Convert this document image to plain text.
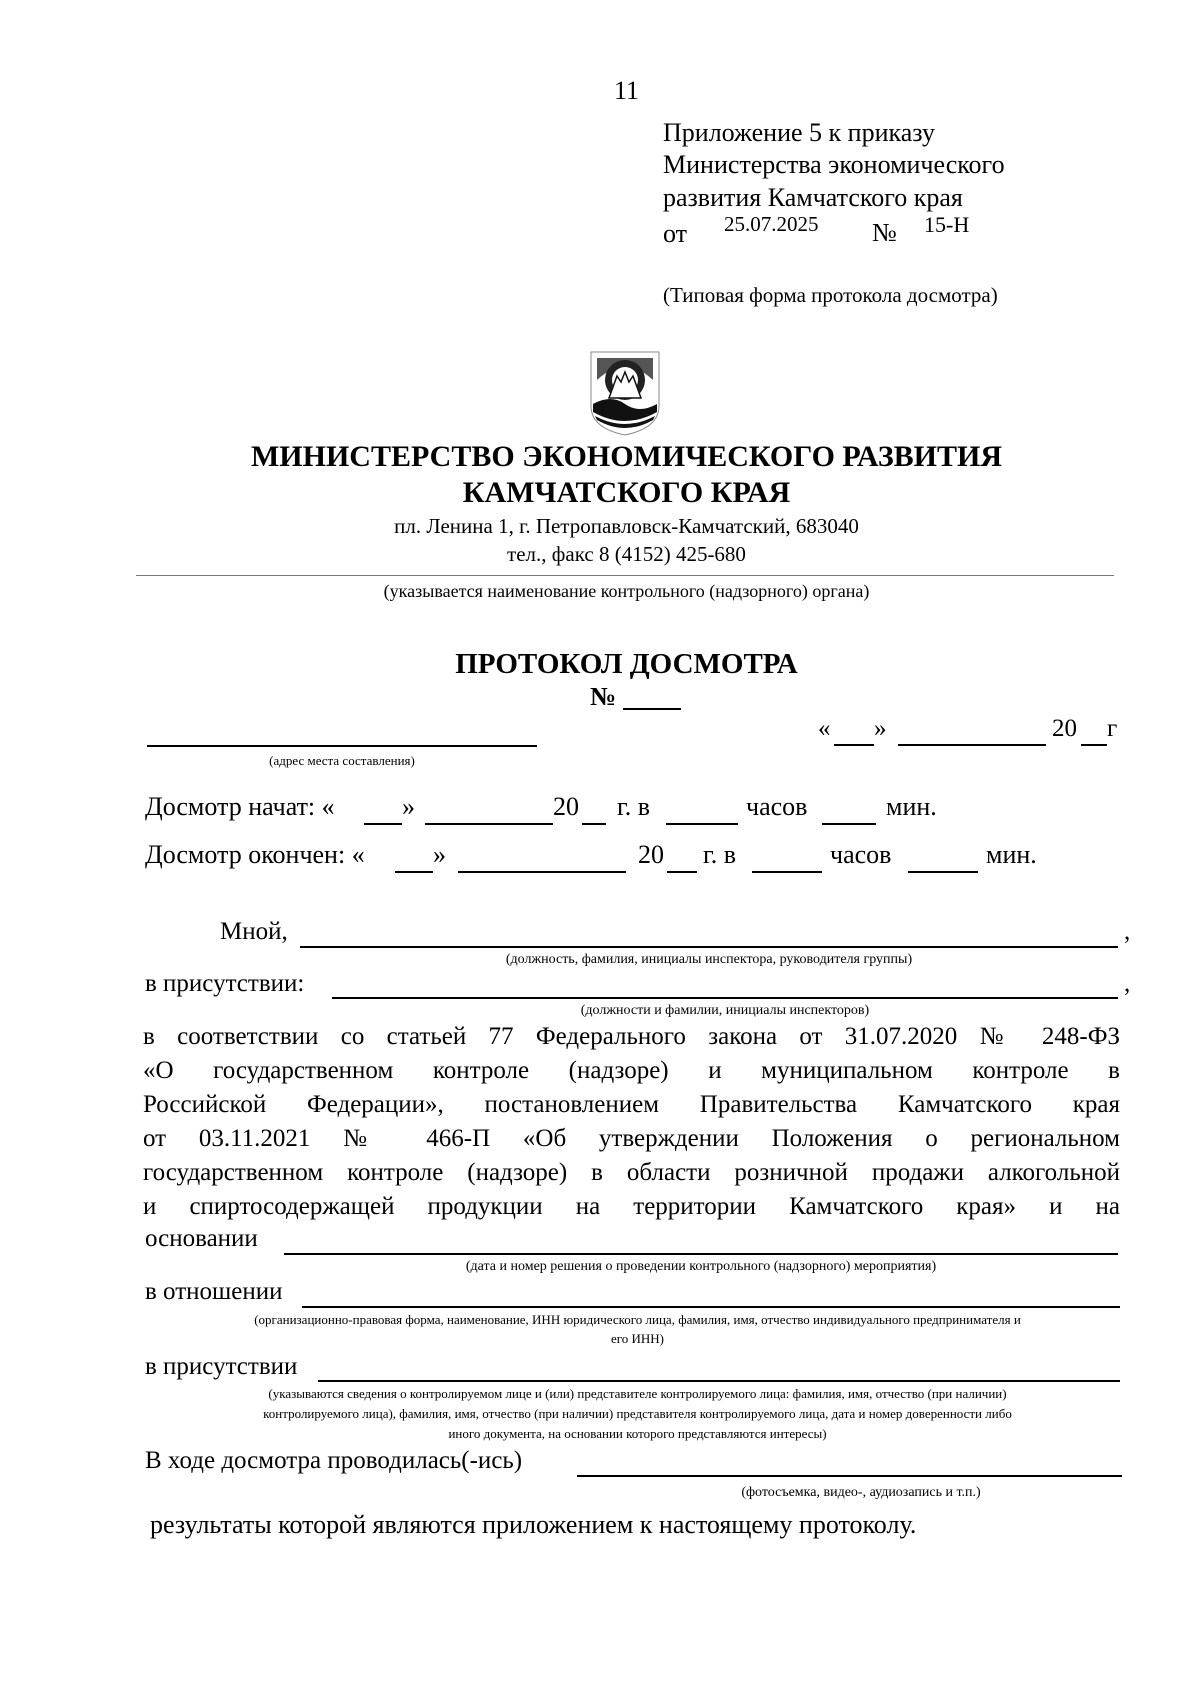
11
Приложение 5 к приказу
Министерства экономического
развития Камчатского края
от 25.07.2025 № 15-Н
(Типовая форма протокола досмотра)
МИНИСТЕРСТВО ЭКОНОМИЧЕСКОГО РАЗВИТИЯ
КАМЧАТСКОГО КРАЯ
пл. Ленина 1, г. Петропавловск-Камчатский, 683040
тел., факс 8 (4152) 425-680
(указывается наименование контрольного (надзорного) органа)
ПРОТОКОЛ ДОСМОТРА
№
(адрес места составления)
« »	20 г
Досмотр начат: «	»	20 г. в	часов	мин.
Досмотр окончен: «	»	20 г. в	часов	мин.
Мной,	,
(должность, фамилия, инициалы инспектора, руководителя группы)
в присутствии:	,
(должности и фамилии, инициалы инспекторов)
в соответствии со статьей 77 Федерального закона от 31.07.2020 № 248-ФЗ
«О государственном контроле (надзоре) и муниципальном контроле в
Российской Федерации», постановлением Правительства Камчатского края
от 03.11.2021 № 466-П «Об утверждении Положения о региональном
государственном контроле (надзоре) в области розничной продажи алкогольной
и спиртосодержащей продукции на территории Камчатского края» и на
основании
(дата и номер решения о проведении контрольного (надзорного) мероприятия)
в отношении
(организационно-правовая форма, наименование, ИНН юридического лица, фамилия, имя, отчество индивидуального предпринимателя и
его ИНН)
в присутствии
(указываются сведения о контролируемом лице и (или) представителе контролируемого лица: фамилия, имя, отчество (при наличии)
контролируемого лица), фамилия, имя, отчество (при наличии) представителя контролируемого лица, дата и номер доверенности либо
иного документа, на основании которого представляются интересы)
В ходе досмотра проводилась(-ись)
(фотосъемка, видео-, аудиозапись и т.п.)
результаты которой являются приложением к настоящему протоколу.
